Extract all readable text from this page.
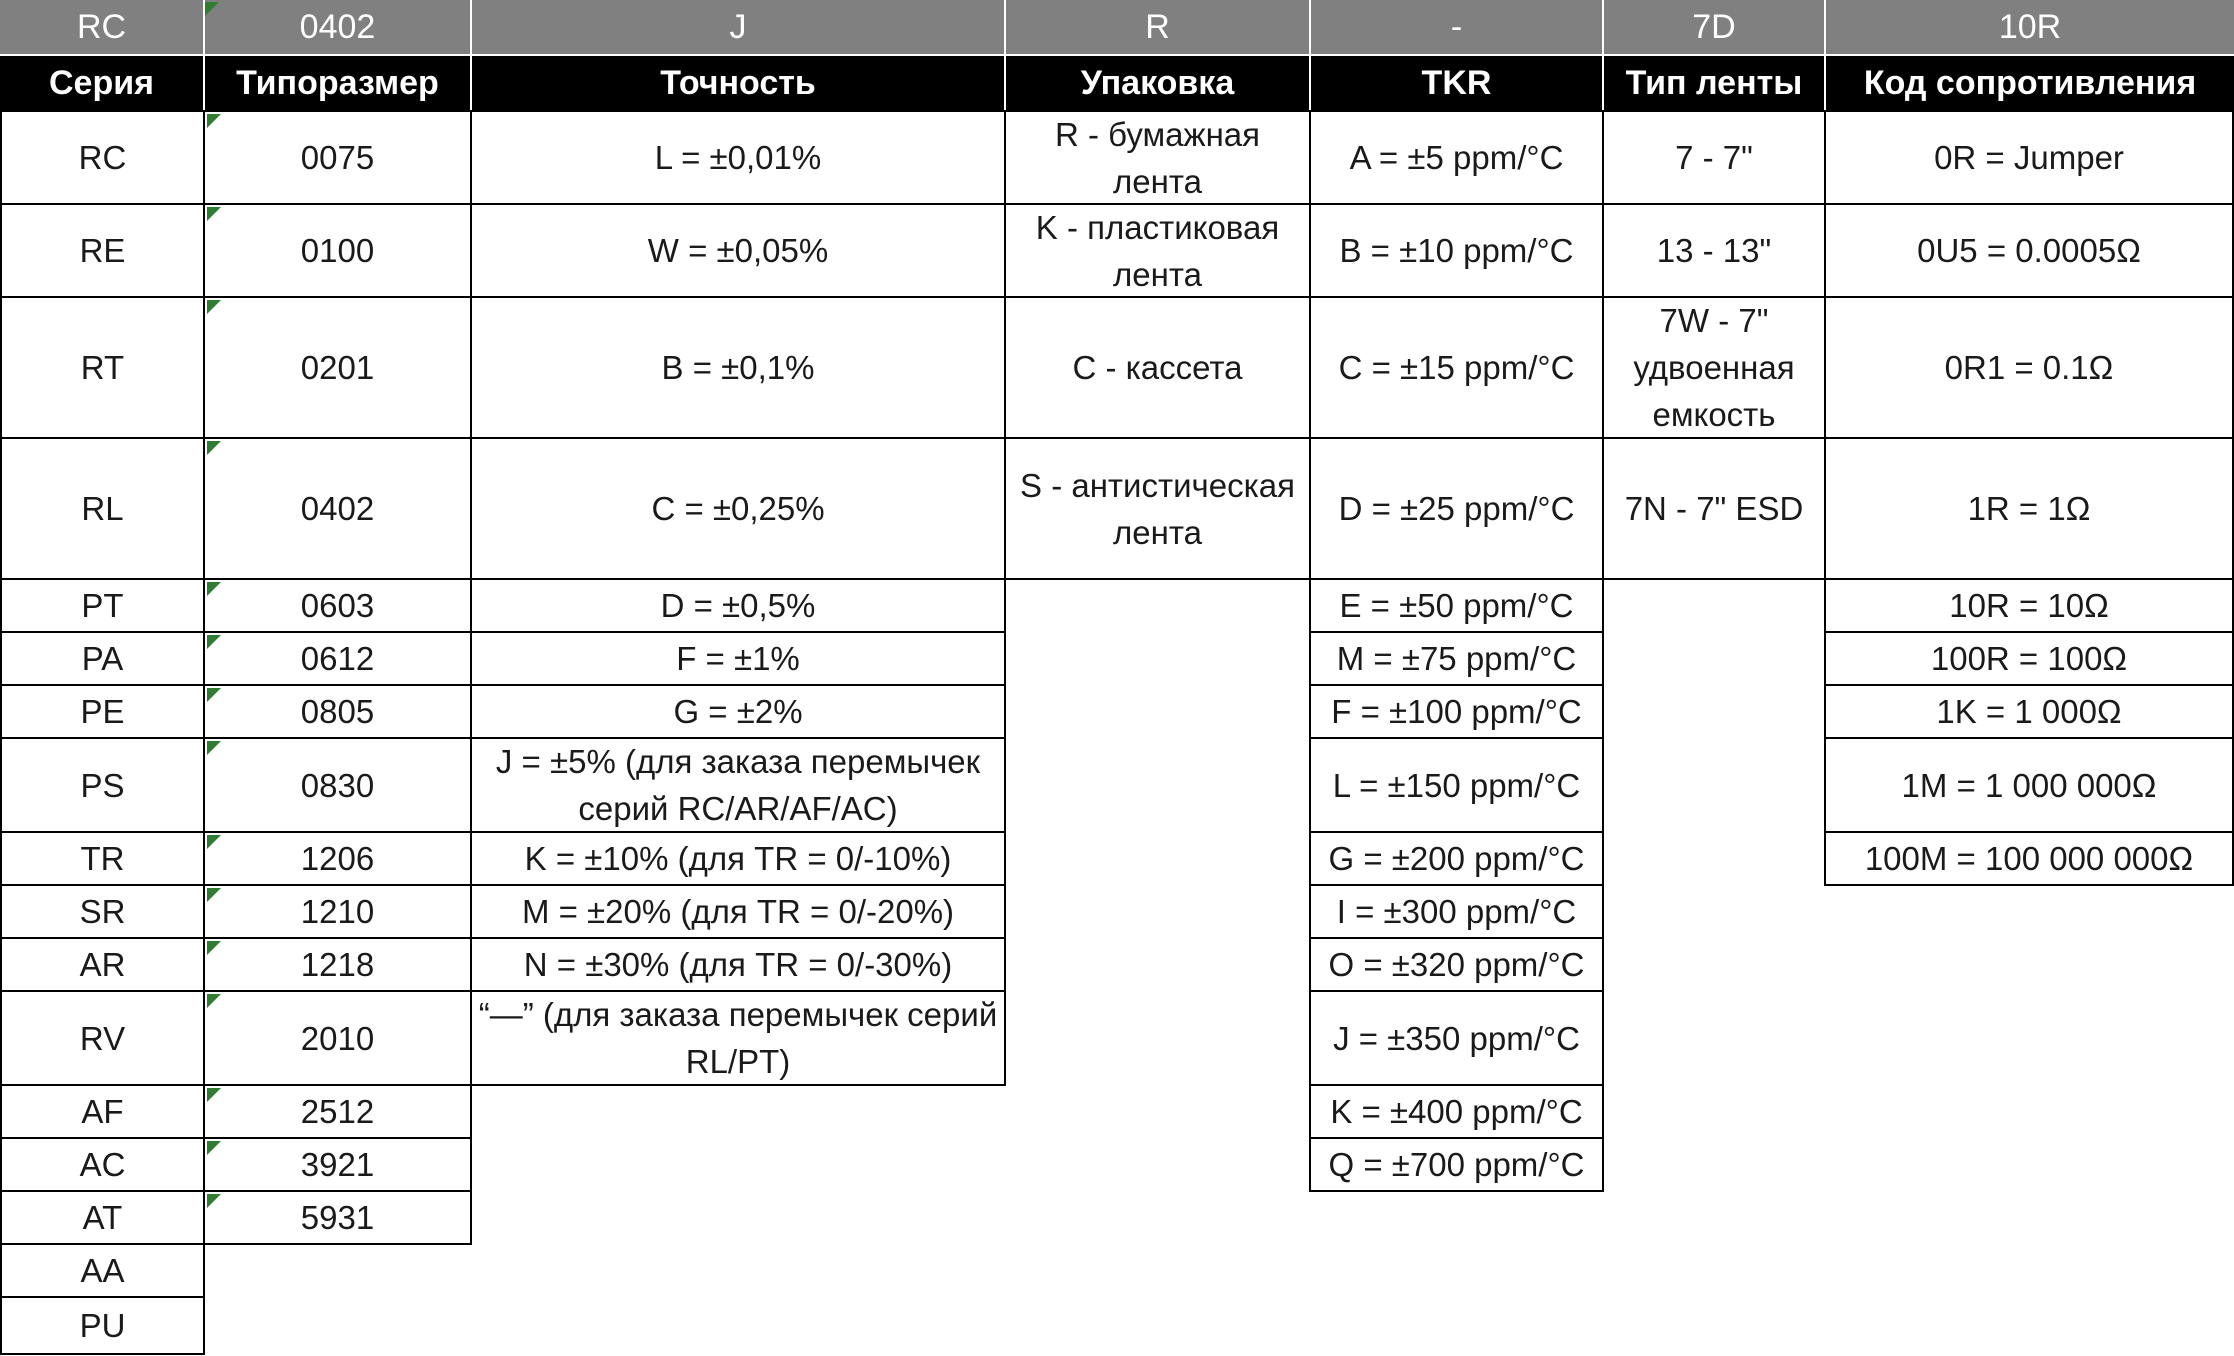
RC
Серия
0402
Типоразмер
J
Точность
R
Упаковка
-
TKR
7D
Тип ленты
10R
Код сопротивления
RC
RE
RT
RL
PT
PA
PE
PS
TR
SR
AR
RV
AF
AC
AT
AA
PU
0075
0100
0201
0402
0603
0612
0805
0830
1206
1210
1218
2010
2512
3921
5931
L = ±0,01%
W = ±0,05%
B = ±0,1%
C = ±0,25%
D = ±0,5%
F = ±1%
G = ±2%
J = ±5% (для заказа перемычек серий RC/AR/AF/AC)
K = ±10% (для TR = 0/-10%)
M = ±20% (для TR = 0/-20%)
N = ±30% (для TR = 0/-30%)
“—” (для заказа перемычек серий RL/PT)
R - бумажная лента
K - пластиковая лента
C - кассета
S - антистическая лента
A = ±5 ppm/°C
B = ±10 ppm/°C
C = ±15 ppm/°C
D = ±25 ppm/°C
E = ±50 ppm/°C
M = ±75 ppm/°C
F = ±100 ppm/°C
L = ±150 ppm/°C
G = ±200 ppm/°C
I = ±300 ppm/°C
O = ±320 ppm/°C
J = ±350 ppm/°C
K = ±400 ppm/°C
Q = ±700 ppm/°C
7 - 7"
13 - 13"
7W - 7" удвоенная емкость
7N - 7" ESD
0R = Jumper
0U5 = 0.0005Ω
0R1 = 0.1Ω
1R = 1Ω
10R = 10Ω
100R = 100Ω
1K = 1 000Ω
1M = 1 000 000Ω
100M = 100 000 000Ω
